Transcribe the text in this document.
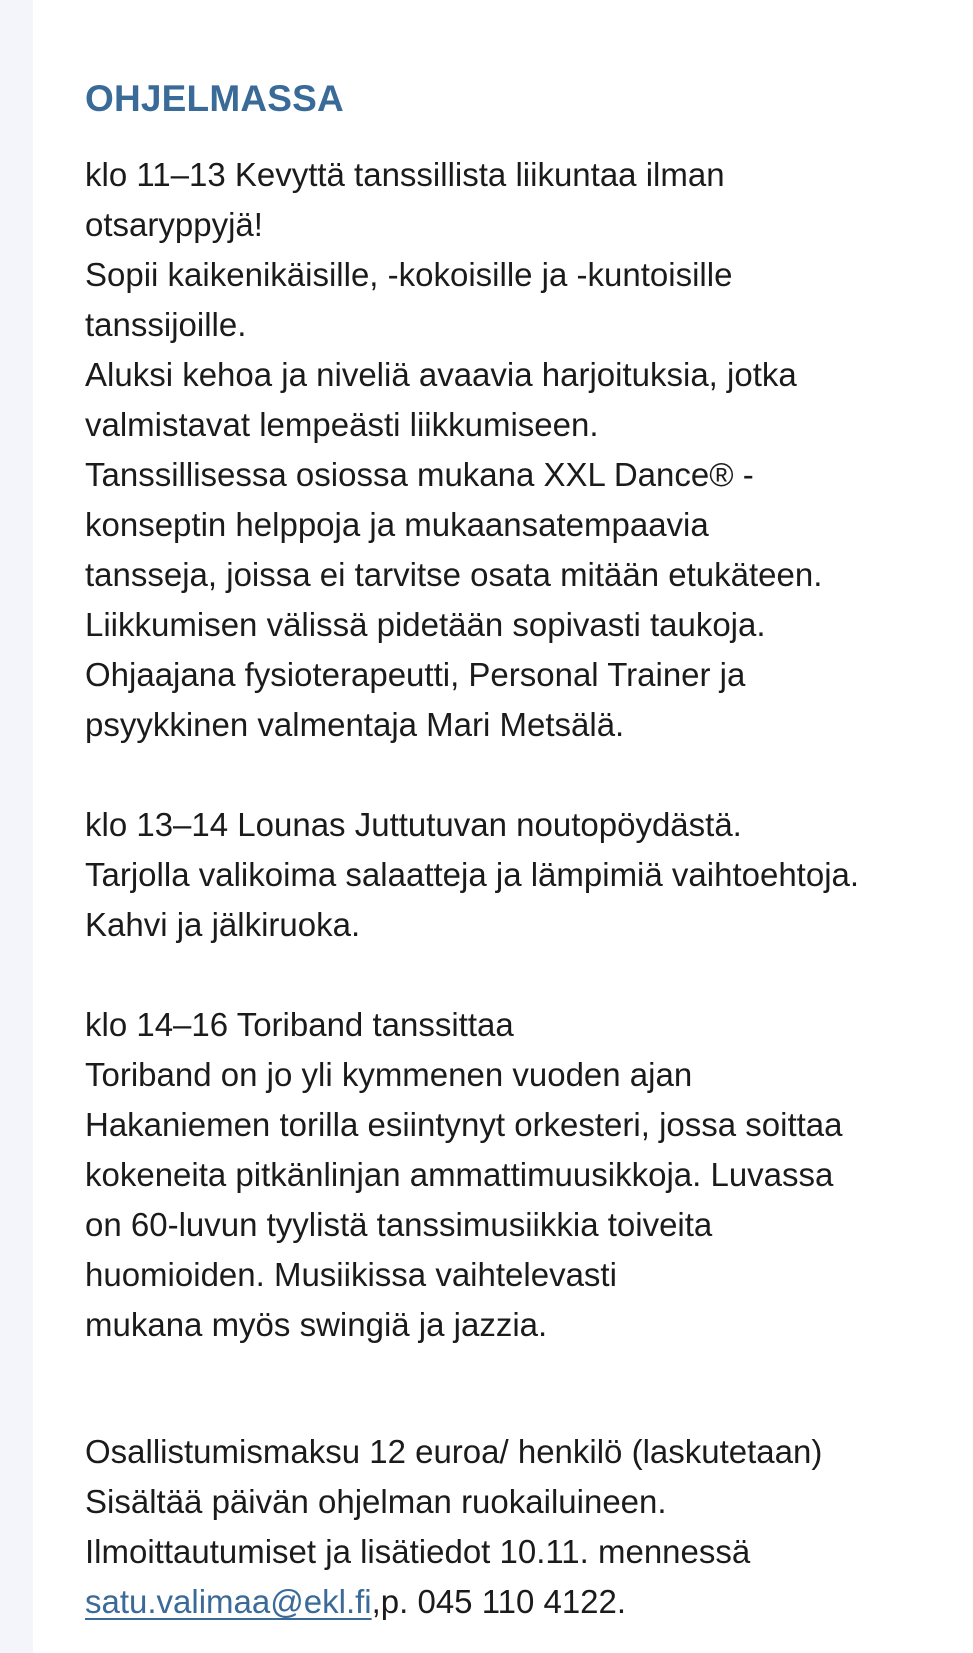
OHJELMASSA
klo 11–13 Kevyttä tanssillista liikuntaa ilman
otsaryppyjä!
Sopii kaikenikäisille, -kokoisille ja -kuntoisille
tanssijoille.
Aluksi kehoa ja niveliä avaavia harjoituksia, jotka
valmistavat lempeästi liikkumiseen.
Tanssillisessa osiossa mukana XXL Dance® -
konseptin helppoja ja mukaansatempaavia
tansseja, joissa ei tarvitse osata mitään etukäteen.
Liikkumisen välissä pidetään sopivasti taukoja.
Ohjaajana fysioterapeutti, Personal Trainer ja
psyykkinen valmentaja Mari Metsälä.
klo 13–14 Lounas Juttutuvan noutopöydästä.
Tarjolla valikoima salaatteja ja lämpimiä vaihtoehtoja.
Kahvi ja jälkiruoka.
klo 14–16 Toriband tanssittaa
Toriband on jo yli kymmenen vuoden ajan
Hakaniemen torilla esiintynyt orkesteri, jossa soittaa
kokeneita pitkänlinjan ammattimuusikkoja. Luvassa
on 60-luvun tyylistä tanssimusiikkia toiveita
huomioiden. Musiikissa vaihtelevasti
mukana myös swingiä ja jazzia.
Osallistumismaksu 12 euroa/ henkilö (laskutetaan)
Sisältää päivän ohjelman ruokailuineen.
Ilmoittautumiset ja lisätiedot 10.11. mennessä
satu.valimaa@ekl.fi,p. 045 110 4122.
